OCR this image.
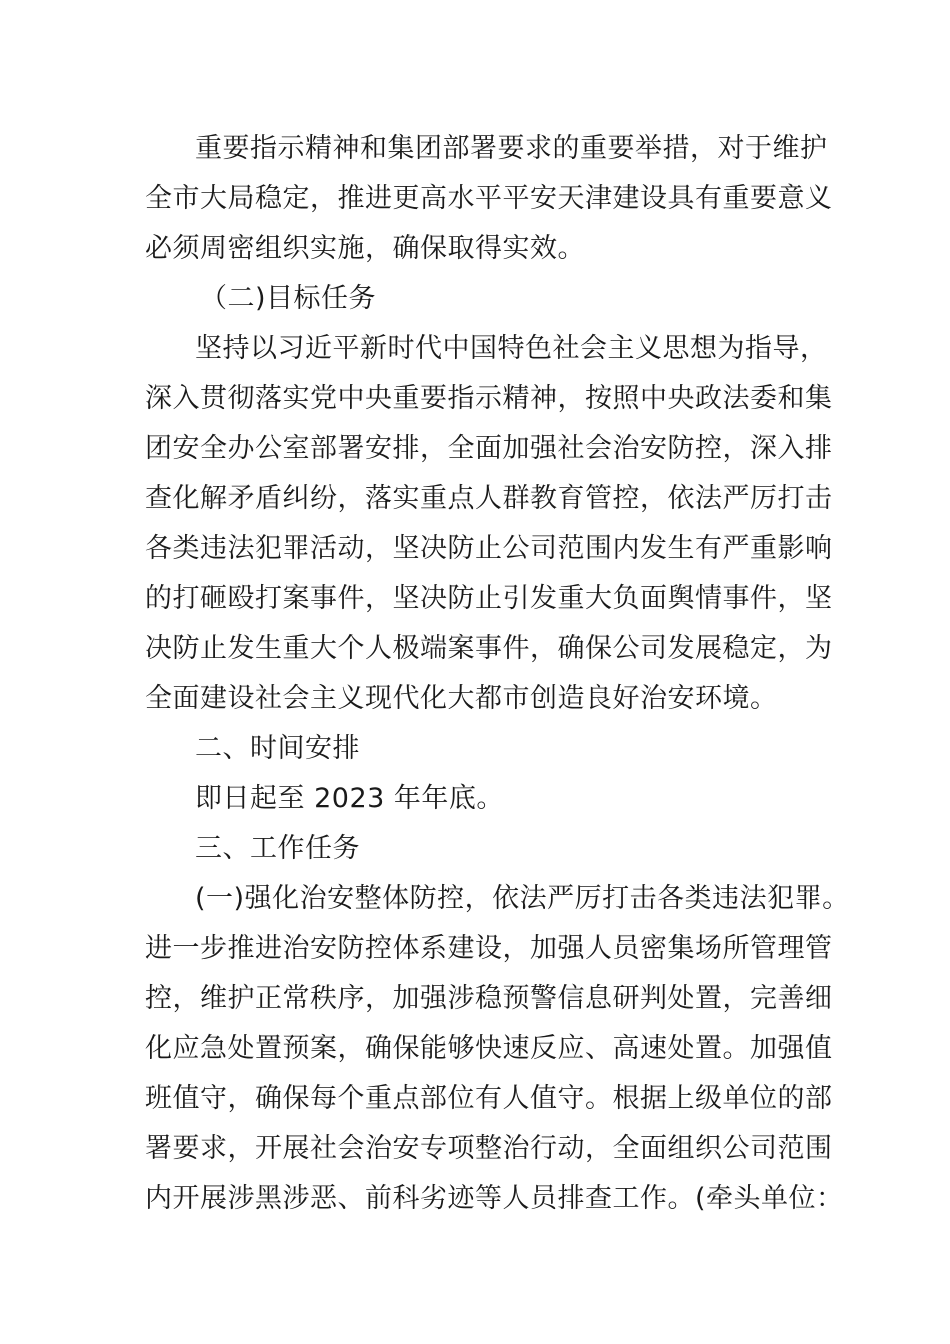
重要指示精神和集团部署要求的重要举措，对于维护
全市大局稳定，推进更高水平平安天津建设具有重要意义
必须周密组织实施，确保取得实效。
（二)目标任务
坚持以习近平新时代中国特色社会主义思想为指导，
深入贯彻落实党中央重要指示精神，按照中央政法委和集
团安全办公室部署安排，全面加强社会治安防控，深入排
查化解矛盾纠纷，落实重点人群教育管控，依法严厉打击
各类违法犯罪活动，坚决防止公司范围内发生有严重影响
的打砸殴打案事件，坚决防止引发重大负面舆情事件，坚
决防止发生重大个人极端案事件，确保公司发展稳定，为
全面建设社会主义现代化大都市创造良好治安环境。
二、时间安排
即日起至 2023 年年底。
三、工作任务
(一)强化治安整体防控，依法严厉打击各类违法犯罪。
进一步推进治安防控体系建设，加强人员密集场所管理管
控，维护正常秩序，加强涉稳预警信息研判处置，完善细
化应急处置预案，确保能够快速反应、高速处置。加强值
班值守，确保每个重点部位有人值守。根据上级单位的部
署要求，开展社会治安专项整治行动，全面组织公司范围
内开展涉黑涉恶、前科劣迹等人员排查工作。(牵头单位：
